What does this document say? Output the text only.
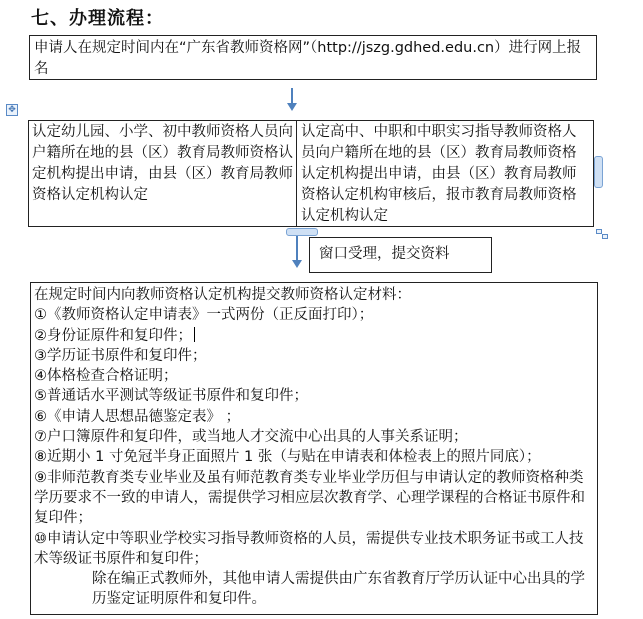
七、办理流程：
申请人在规定时间内在“广东省教师资格网”（http://jszg.gdhed.edu.cn）进行网上报名
✥
认定幼儿园、小学、初中教师资格人员向户籍所在地的县（区）教育局教师资格认定机构提出申请，由县（区）教育局教师资格认定机构认定
认定高中、中职和中职实习指导教师资格人员向户籍所在地的县（区）教育局教师资格认定机构提出申请，由县（区）教育局教师资格认定机构审核后，报市教育局教师资格认定机构认定
窗口受理，提交资料
在规定时间内向教师资格认定机构提交教师资格认定材料：
①《教师资格认定申请表》一式两份（正反面打印）；
②身份证原件和复印件；
③学历证书原件和复印件；
④体格检查合格证明；
⑤普通话水平测试等级证书原件和复印件；
⑥《申请人思想品德鉴定表》 ；
⑦户口簿原件和复印件，或当地人才交流中心出具的人事关系证明；
⑧近期小 1 寸免冠半身正面照片 1 张（与贴在申请表和体检表上的照片同底）；
⑨非师范教育类专业毕业及虽有师范教育类专业毕业学历但与申请认定的教师资格种类学历要求不一致的申请人，需提供学习相应层次教育学、心理学课程的合格证书原件和复印件；
⑩申请认定中等职业学校实习指导教师资格的人员，需提供专业技术职务证书或工人技术等级证书原件和复印件；
除在编正式教师外，其他申请人需提供由广东省教育厅学历认证中心出具的学历鉴定证明原件和复印件。
